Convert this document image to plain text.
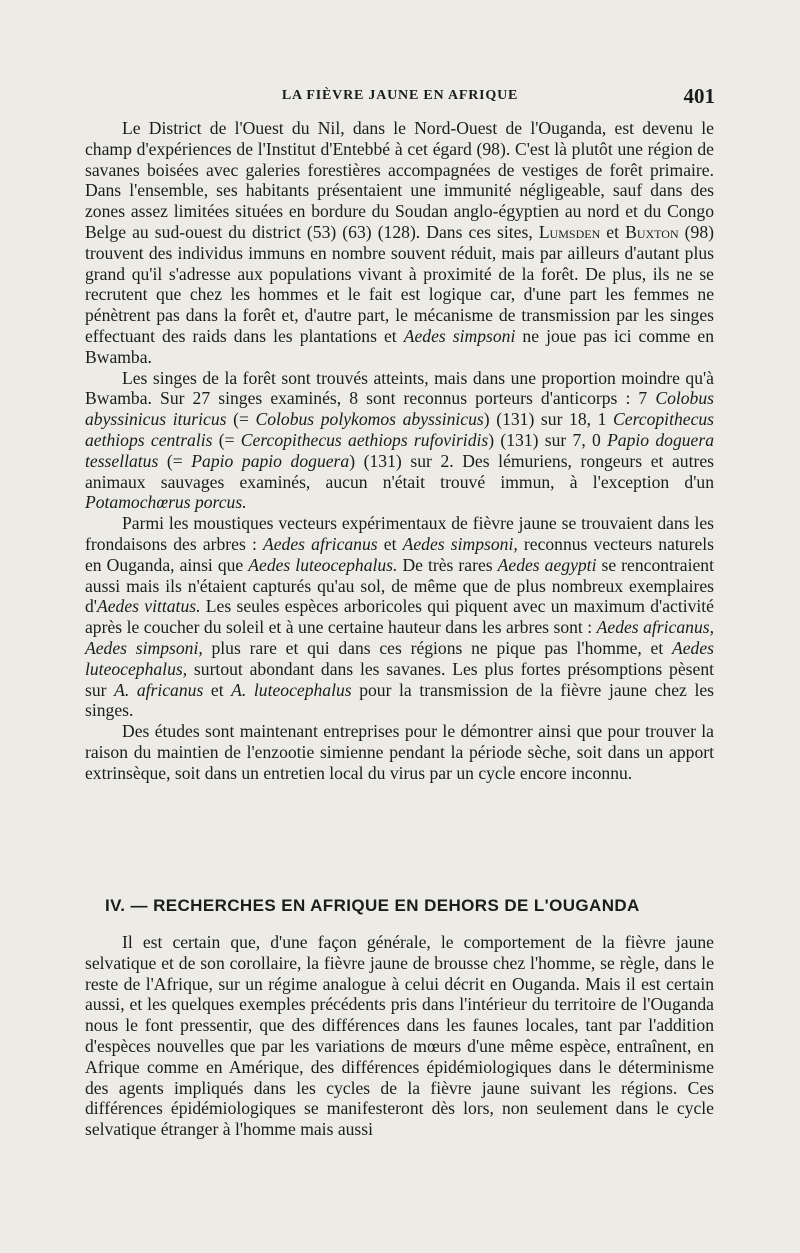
LA FIÈVRE JAUNE EN AFRIQUE	401

Le District de l'Ouest du Nil, dans le Nord-Ouest de l'Ouganda, est devenu le champ d'expériences de l'Institut d'Entebbé à cet égard (98). C'est là plutôt une région de savanes boisées avec galeries forestières accompagnées de vestiges de forêt primaire. Dans l'ensemble, ses habitants présentaient une immunité négligeable, sauf dans des zones assez limitées situées en bordure du Soudan anglo-égyptien au nord et du Congo Belge au sud-ouest du district (53) (63) (128). Dans ces sites, Lumsden et Buxton (98) trouvent des individus immuns en nombre souvent réduit, mais par ailleurs d'autant plus grand qu'il s'adresse aux populations vivant à proximité de la forêt. De plus, ils ne se recrutent que chez les hommes et le fait est logique car, d'une part les femmes ne pénètrent pas dans la forêt et, d'autre part, le mécanisme de transmission par les singes effectuant des raids dans les plantations et Aedes simpsoni ne joue pas ici comme en Bwamba.

Les singes de la forêt sont trouvés atteints, mais dans une proportion moindre qu'à Bwamba. Sur 27 singes examinés, 8 sont reconnus porteurs d'anticorps : 7 Colobus abyssinicus ituricus (= Colobus polykomos abyssinicus) (131) sur 18, 1 Cercopithecus aethiops centralis (= Cercopithecus aethiops rufoviridis) (131) sur 7, 0 Papio doguera tessellatus (= Papio papio doguera) (131) sur 2. Des lémuriens, rongeurs et autres animaux sauvages examinés, aucun n'était trouvé immun, à l'exception d'un Potamochœrus porcus.

Parmi les moustiques vecteurs expérimentaux de fièvre jaune se trouvaient dans les frondaisons des arbres : Aedes africanus et Aedes simpsoni, reconnus vecteurs naturels en Ouganda, ainsi que Aedes luteocephalus. De très rares Aedes aegypti se rencontraient aussi mais ils n'étaient capturés qu'au sol, de même que de plus nombreux exemplaires d'Aedes vittatus. Les seules espèces arboricoles qui piquent avec un maximum d'activité après le coucher du soleil et à une certaine hauteur dans les arbres sont : Aedes africanus, Aedes simpsoni, plus rare et qui dans ces régions ne pique pas l'homme, et Aedes luteocephalus, surtout abondant dans les savanes. Les plus fortes présomptions pèsent sur A. africanus et A. luteocephalus pour la transmission de la fièvre jaune chez les singes.

Des études sont maintenant entreprises pour le démontrer ainsi que pour trouver la raison du maintien de l'enzootie simienne pendant la période sèche, soit dans un apport extrinsèque, soit dans un entretien local du virus par un cycle encore inconnu.

IV. — RECHERCHES EN AFRIQUE EN DEHORS DE L'OUGANDA

Il est certain que, d'une façon générale, le comportement de la fièvre jaune selvatique et de son corollaire, la fièvre jaune de brousse chez l'homme, se règle, dans le reste de l'Afrique, sur un régime analogue à celui décrit en Ouganda. Mais il est certain aussi, et les quelques exemples précédents pris dans l'intérieur du territoire de l'Ouganda nous le font pressentir, que des différences dans les faunes locales, tant par l'addition d'espèces nouvelles que par les variations de mœurs d'une même espèce, entraînent, en Afrique comme en Amérique, des différences épidémiologiques dans le déterminisme des agents impliqués dans les cycles de la fièvre jaune suivant les régions. Ces différences épidémiologiques se manifesteront dès lors, non seulement dans le cycle selvatique étranger à l'homme mais aussi
